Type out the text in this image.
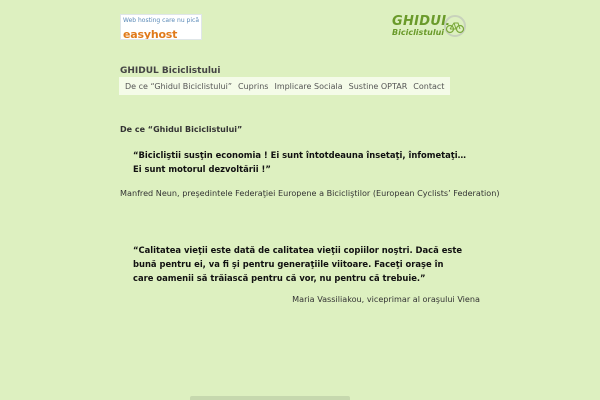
Web hosting care nu pică
easyhost
GHIDUL
Biciclistului
GHIDUL Biciclistului
De ce “Ghidul Biciclistului” Cuprins Implicare Sociala Sustine OPTAR Contact
De ce “Ghidul Biciclistului”
“Bicicliştii susţin economia ! Ei sunt întotdeauna însetaţi, înfometaţi… Ei sunt motorul dezvoltării !”
Manfred Neun, preşedintele Federaţiei Europene a Bicicliştilor (European Cyclists’ Federation)
“Calitatea vieţii este dată de calitatea vieţii copiilor noştri. Dacă este bună pentru ei, va fi şi pentru generaţiile viitoare. Faceţi oraşe în care oamenii să trăiască pentru că vor, nu pentru că trebuie.”
Maria Vassiliakou, viceprimar al oraşului Viena
